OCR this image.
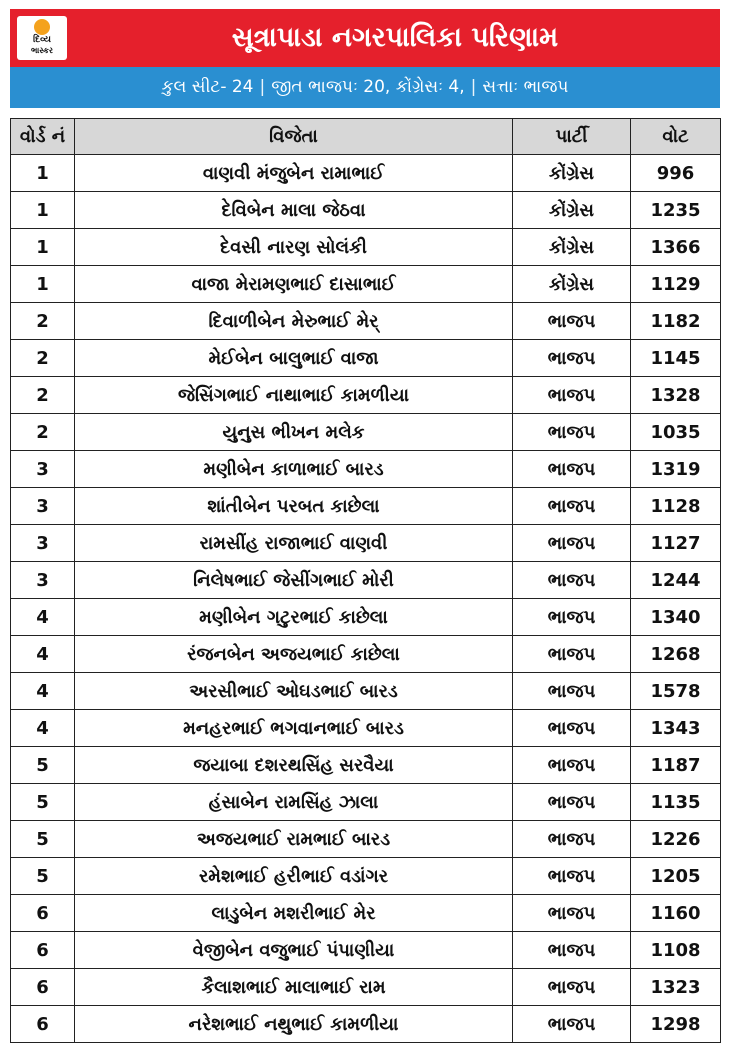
દિવ્ય
ભાસ્કર	સૂત્રાપાડા નગરપાલિકા પરિણામ
કુલ સીટ- 24 | જીત ભાજપઃ 20, કોંગ્રેસઃ 4, | સત્તાઃ ભાજપ
વોર્ડ નં	વિજેતા	પાર્ટી	વોટ
1	વાણવી મંજુબેન રામાભાઈ	કોંગ્રેસ	996
1	દેવિબેન માલા જેઠવા	કોંગ્રેસ	1235
1	દેવસી નારણ સોલંકી	કોંગ્રેસ	1366
1	વાજા મેરામણભાઈ દાસાભાઈ	કોંગ્રેસ	1129
2	દિવાળીબેન મેરુભાઈ મેર્	ભાજપ	1182
2	મેઈબેન બાલુભાઈ વાજા	ભાજપ	1145
2	જેસિંગભાઈ નાથાભાઈ કામળીયા	ભાજપ	1328
2	યુનુસ ભીખન મલેક	ભાજપ	1035
3	મણીબેન કાળાભાઈ બારડ	ભાજપ	1319
3	શાંતીબેન પરબત કાછેલા	ભાજપ	1128
3	રામસીંહ રાજાભાઈ વાણવી	ભાજપ	1127
3	નિલેષભાઈ જેસીંગભાઈ મોરી	ભાજપ	1244
4	મણીબેન ગટુરભાઈ કાછેલા	ભાજપ	1340
4	રંજનબેન અજયભાઈ કાછેલા	ભાજપ	1268
4	અરસીભાઈ ઓઘડભાઈ બારડ	ભાજપ	1578
4	મનહરભાઈ ભગવાનભાઈ બારડ	ભાજપ	1343
5	જયાબા દશરથસિંહ સરવૈયા	ભાજપ	1187
5	હંસાબેન રામસિંહ ઝાલા	ભાજપ	1135
5	અજયભાઈ રામભાઈ બારડ	ભાજપ	1226
5	રમેશભાઈ હરીભાઈ વડાંગર	ભાજપ	1205
6	લાડુબેન મશરીભાઈ મેર	ભાજપ	1160
6	વેજીબેન વજુભાઈ પંપાણીયા	ભાજપ	1108
6	કૈલાશભાઈ માલાભાઈ રામ	ભાજપ	1323
6	નરેશભાઈ નથુભાઈ કામળીયા	ભાજપ	1298
